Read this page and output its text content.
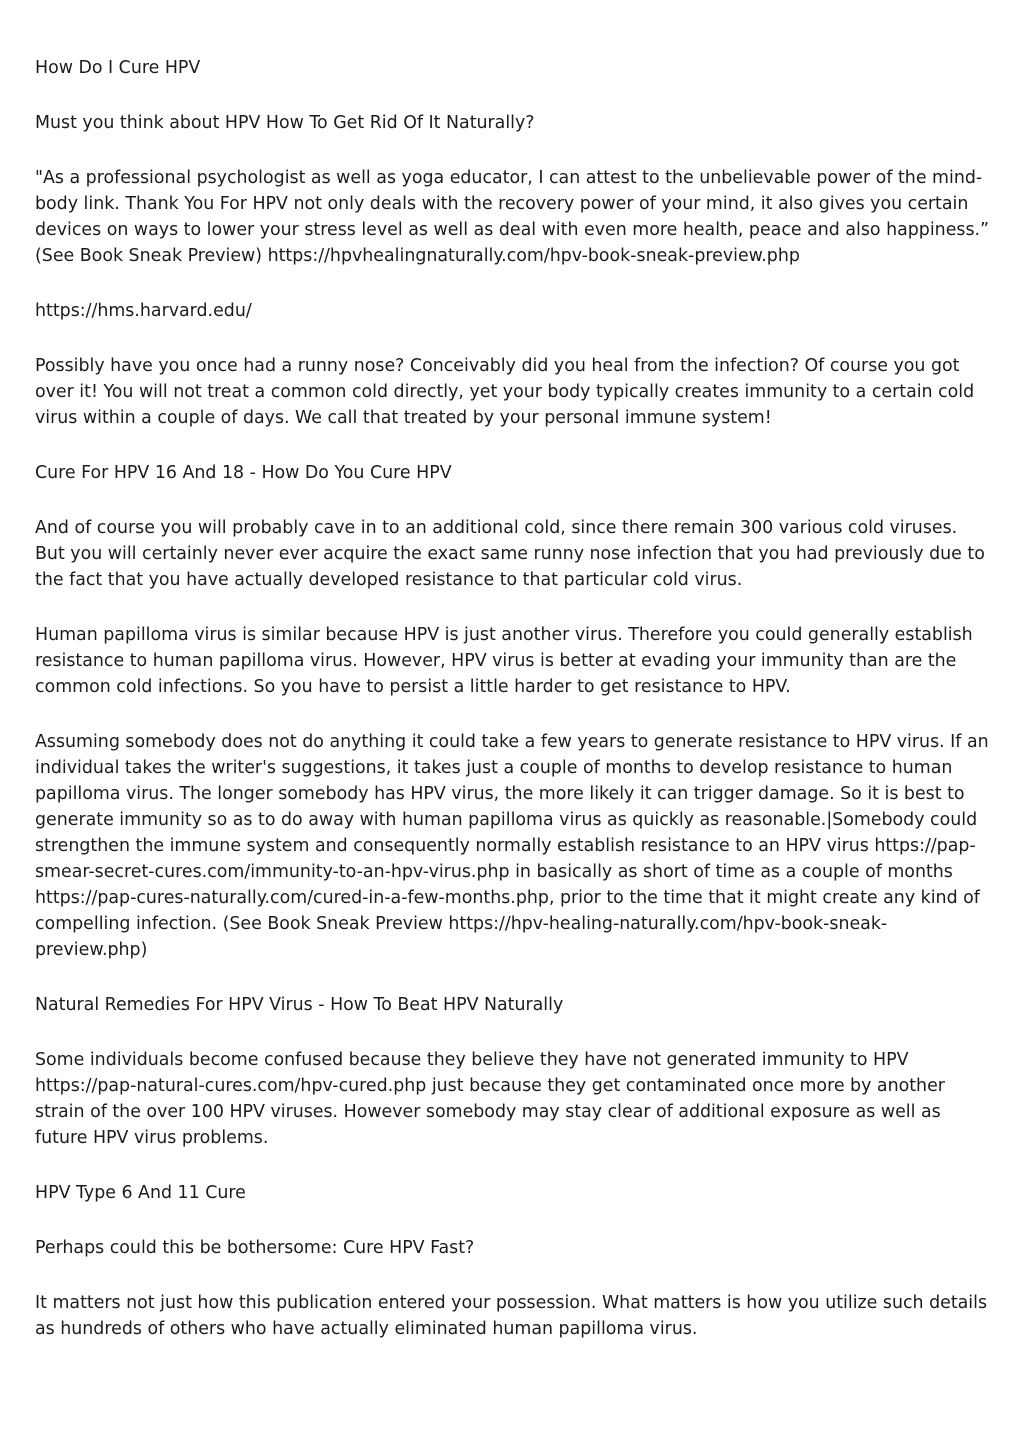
How Do I Cure HPV

Must you think about HPV How To Get Rid Of It Naturally?

"As a professional psychologist as well as yoga educator, I can attest to the unbelievable power of the mind-body link. Thank You For HPV not only deals with the recovery power of your mind, it also gives you certain devices on ways to lower your stress level as well as deal with even more health, peace and also happiness.” (See Book Sneak Preview) https://hpvhealingnaturally.com/hpv-book-sneak-preview.php

https://hms.harvard.edu/

Possibly have you once had a runny nose? Conceivably did you heal from the infection? Of course you got over it! You will not treat a common cold directly, yet your body typically creates immunity to a certain cold virus within a couple of days. We call that treated by your personal immune system!

Cure For HPV 16 And 18 - How Do You Cure HPV

And of course you will probably cave in to an additional cold, since there remain 300 various cold viruses. But you will certainly never ever acquire the exact same runny nose infection that you had previously due to the fact that you have actually developed resistance to that particular cold virus.

Human papilloma virus is similar because HPV is just another virus. Therefore you could generally establish resistance to human papilloma virus. However, HPV virus is better at evading your immunity than are the common cold infections. So you have to persist a little harder to get resistance to HPV.

Assuming somebody does not do anything it could take a few years to generate resistance to HPV virus. If an individual takes the writer's suggestions, it takes just a couple of months to develop resistance to human papilloma virus. The longer somebody has HPV virus, the more likely it can trigger damage. So it is best to generate immunity so as to do away with human papilloma virus as quickly as reasonable.|Somebody could strengthen the immune system and consequently normally establish resistance to an HPV virus https://pap-smear-secret-cures.com/immunity-to-an-hpv-virus.php in basically as short of time as a couple of months https://pap-cures-naturally.com/cured-in-a-few-months.php, prior to the time that it might create any kind of compelling infection. (See Book Sneak Preview https://hpv-healing-naturally.com/hpv-book-sneak-preview.php)

Natural Remedies For HPV Virus - How To Beat HPV Naturally

Some individuals become confused because they believe they have not generated immunity to HPV https://pap-natural-cures.com/hpv-cured.php just because they get contaminated once more by another strain of the over 100 HPV viruses. However somebody may stay clear of additional exposure as well as future HPV virus problems.

HPV Type 6 And 11 Cure

Perhaps could this be bothersome: Cure HPV Fast?

It matters not just how this publication entered your possession. What matters is how you utilize such details as hundreds of others who have actually eliminated human papilloma virus.
